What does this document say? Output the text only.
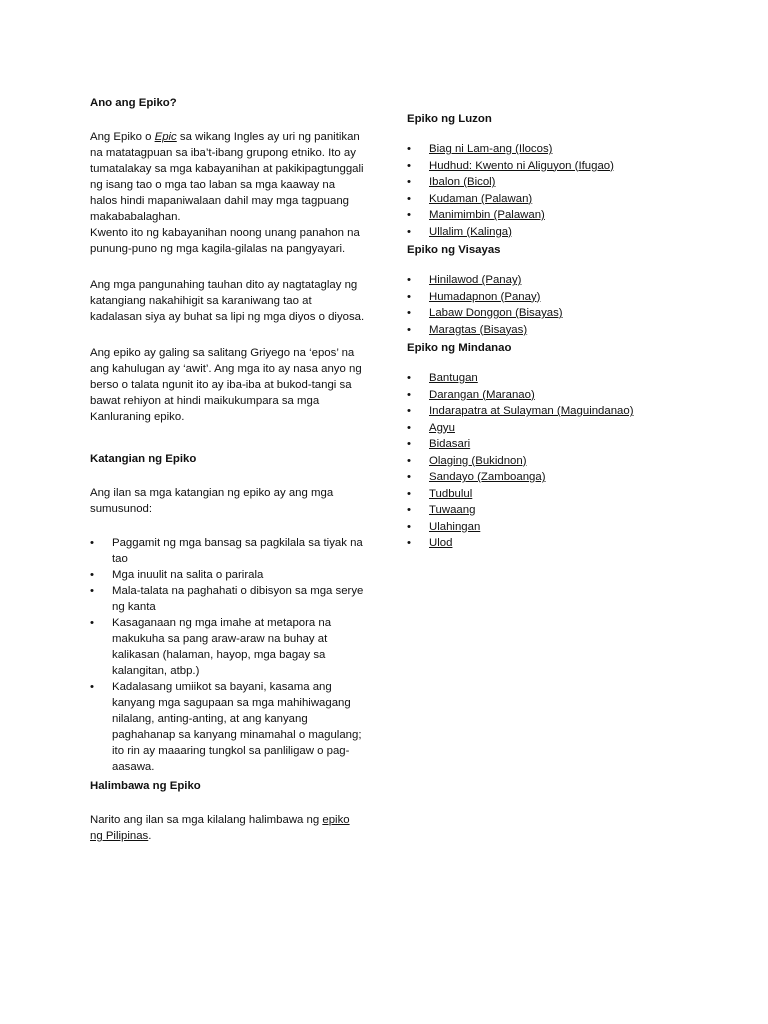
Ano ang Epiko?

Ang Epiko o Epic sa wikang Ingles ay uri ng panitikan na matatagpuan sa iba’t-ibang grupong etniko. Ito ay tumatalakay sa mga kabayanihan at pakikipagtunggali ng isang tao o mga tao laban sa mga kaaway na halos hindi mapaniwalaan dahil may mga tagpuang makababalaghan.
Kwento ito ng kabayanihan noong unang panahon na punung-puno ng mga kagila-gilalas na pangyayari.

Ang mga pangunahing tauhan dito ay nagtataglay ng katangiang nakahihigit sa karaniwang tao at kadalasan siya ay buhat sa lipi ng mga diyos o diyosa.

Ang epiko ay galing sa salitang Griyego na ‘epos’ na ang kahulugan ay ‘awit’. Ang mga ito ay nasa anyo ng berso o talata ngunit ito ay iba-iba at bukod-tangi sa bawat rehiyon at hindi maikukumpara sa mga Kanluraning epiko.

Katangian ng Epiko

Ang ilan sa mga katangian ng epiko ay ang mga sumusunod:

• Paggamit ng mga bansag sa pagkilala sa tiyak na tao
• Mga inuulit na salita o parirala
• Mala-talata na paghahati o dibisyon sa mga serye ng kanta
• Kasaganaan ng mga imahe at metapora na makukuha sa pang araw-araw na buhay at kalikasan (halaman, hayop, mga bagay sa kalangitan, atbp.)
• Kadalasang umiikot sa bayani, kasama ang kanyang mga sagupaan sa mga mahihiwagang nilalang, anting-anting, at ang kanyang paghahanap sa kanyang minamahal o magulang; ito rin ay maaaring tungkol sa panliligaw o pag-aasawa.
Halimbawa ng Epiko

Narito ang ilan sa mga kilalang halimbawa ng epiko ng Pilipinas.

Epiko ng Luzon
• Biag ni Lam-ang (Ilocos)
• Hudhud: Kwento ni Aliguyon (Ifugao)
• Ibalon (Bicol)
• Kudaman (Palawan)
• Manimimbin (Palawan)
• Ullalim (Kalinga)
Epiko ng Visayas
• Hinilawod (Panay)
• Humadapnon (Panay)
• Labaw Donggon (Bisayas)
• Maragtas (Bisayas)
Epiko ng Mindanao
• Bantugan
• Darangan (Maranao)
• Indarapatra at Sulayman (Maguindanao)
• Agyu
• Bidasari
• Olaging (Bukidnon)
• Sandayo (Zamboanga)
• Tudbulul
• Tuwaang
• Ulahingan
• Ulod
